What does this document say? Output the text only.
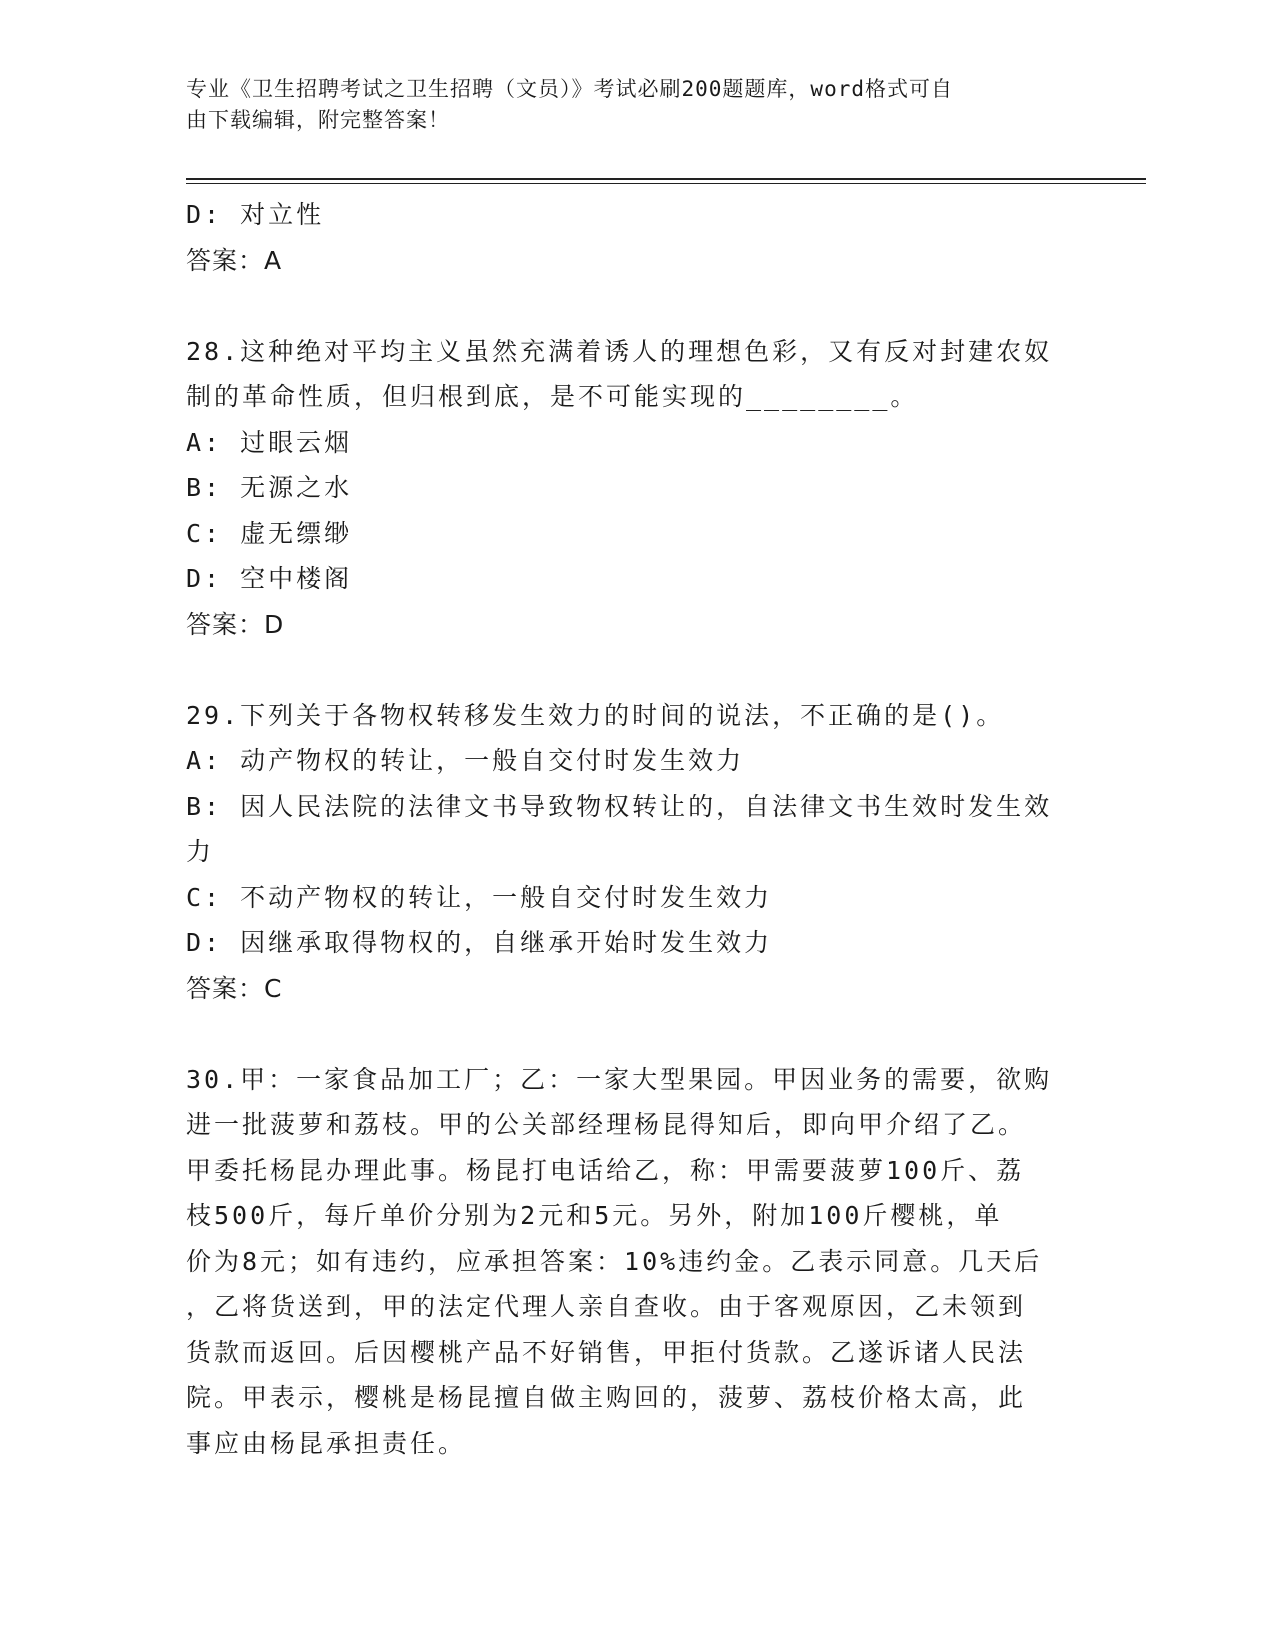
专业《卫生招聘考试之卫生招聘（文员）》考试必刷200题题库，word格式可自
由下载编辑，附完整答案！
D: 对立性
答案：A
28.这种绝对平均主义虽然充满着诱人的理想色彩，又有反对封建农奴
制的革命性质，但归根到底，是不可能实现的________。
A: 过眼云烟
B: 无源之水
C: 虚无缥缈
D: 空中楼阁
答案：D
29.下列关于各物权转移发生效力的时间的说法，不正确的是()。
A: 动产物权的转让，一般自交付时发生效力
B: 因人民法院的法律文书导致物权转让的，自法律文书生效时发生效
力
C: 不动产物权的转让，一般自交付时发生效力
D: 因继承取得物权的，自继承开始时发生效力
答案：C
30.甲：一家食品加工厂；乙：一家大型果园。甲因业务的需要，欲购
进一批菠萝和荔枝。甲的公关部经理杨昆得知后，即向甲介绍了乙。
甲委托杨昆办理此事。杨昆打电话给乙，称：甲需要菠萝100斤、荔
枝500斤，每斤单价分别为2元和5元。另外，附加100斤樱桃，单
价为8元；如有违约，应承担答案：10%违约金。乙表示同意。几天后
，乙将货送到，甲的法定代理人亲自查收。由于客观原因，乙未领到
货款而返回。后因樱桃产品不好销售，甲拒付货款。乙遂诉诸人民法
院。甲表示，樱桃是杨昆擅自做主购回的，菠萝、荔枝价格太高，此
事应由杨昆承担责任。
